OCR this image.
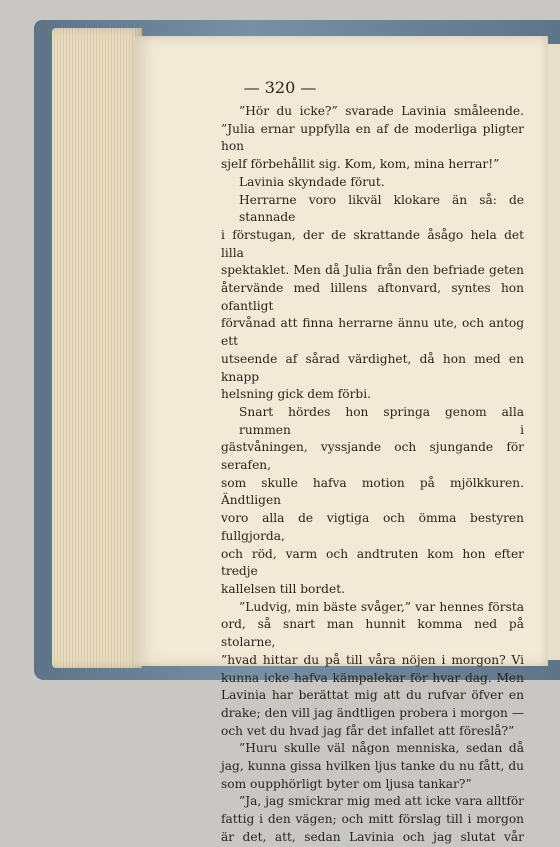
— 320 —

”Hör du icke?” svarade Lavinia småleende.

”Julia ernar uppfylla en af de moderliga pligter hon

sjelf förbehållit sig. Kom, kom, mina herrar!”

Lavinia skyndade förut.

Herrarne voro likväl klokare än så: de stannade

i förstugan, der de skrattande åsågo hela det lilla

spektaklet. Men då Julia från den befriade geten

återvände med lillens aftonvard, syntes hon ofantligt

förvånad att finna herrarne ännu ute, och antog ett

utseende af sårad värdighet, då hon med en knapp

helsning gick dem förbi.

Snart hördes hon springa genom alla rummen i

gästvåningen, vyssjande och sjungande för serafen,

som skulle hafva motion på mjölkkuren. Ändtligen

voro alla de vigtiga och ömma bestyren fullgjorda,

och röd, varm och andtruten kom hon efter tredje

kallelsen till bordet.

”Ludvig, min bäste svåger,” var hennes första

ord, så snart man hunnit komma ned på stolarne,

”hvad hittar du på till våra nöjen i morgon? Vi

kunna icke hafva kämpalekar för hvar dag. Men

Lavinia har berättat mig att du rufvar öfver en

drake; den vill jag ändtligen probera i morgon —

och vet du hvad jag får det infallet att föreslå?”

”Huru skulle väl någon menniska, sedan då

jag, kunna gissa hvilken ljus tanke du nu fått, du

som oupphörligt byter om ljusa tankar?”

”Ja, jag smickrar mig med att icke vara alltför

fattig i den vägen; och mitt förslag till i morgon

är det, att, sedan Lavinia och jag slutat vår
